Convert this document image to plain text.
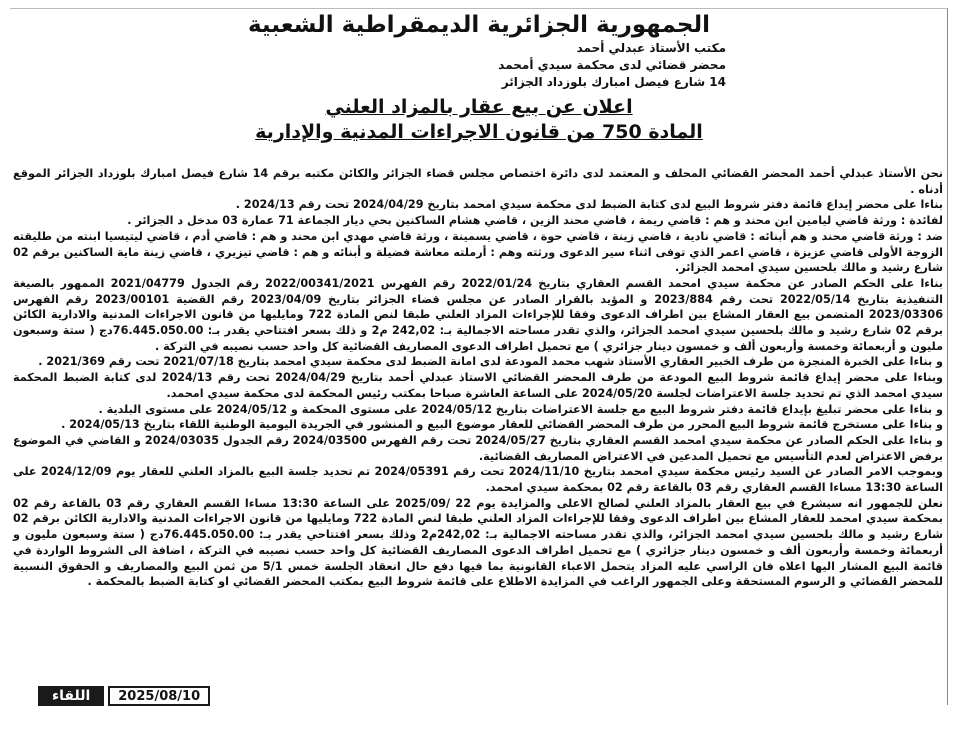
الجمهورية الجزائرية الديمقراطية الشعبية
مكتب الأستاذ عبدلي أحمد
محضر قضائي لدى محكمة سيدي أمحمد
14 شارع فيصل امبارك بلوزداد الجزائر
اعلان عن بيع عقار بالمزاد العلني
المادة 750 من قانون الاجراءات المدنية والإدارية

نحن الأستاذ عبدلي أحمد المحضر القضائي المحلف و المعتمد لدى دائرة اختصاص مجلس قضاء الجزائر والكائن مكتبه برقم 14 شارع فيصل امبارك بلوزداد الجزائر الموقع أدناه .

بناءا على محضر إيداع قائمة دفتر شروط البيع لدى كتابة الضبط لدى محكمة سيدي امحمد بتاريخ 2024/04/29 تحت رقم 2024/13 .

لفائدة : ورثة قاضي ليامين ابن محند و هم : قاضي ريمة ، قاضي محند الزين ، قاضي هشام الساكنين بحي ديار الجماعة 71 عمارة 03 مدخل د الجزائر .

ضد : ورثة قاضي محند و هم أبنائه : قاضي نادية ، قاضي زينة ، قاضي حوة ، قاضي يسمينة ، ورثة قاضي مهدي ابن محند و هم : قاضي أدم ، قاضي ليتيسيا ابنته من طليقته الزوجة الأولى قاضي عزيزة ، قاضي اعمر الذي توفى اثناء سير الدعوى ورثته وهم : أرملته معاشة فضيلة و أبنائه و هم : قاضي تيزيري ، قاضي زينة ماية الساكنين برقم 02 شارع رشيد و مالك بلحسين سيدي امحمد الجزائر.

بناءا على الحكم الصادر عن محكمة سيدي امحمد القسم العقاري بتاريخ 2022/01/24 رقم الفهرس 2022/00341/2021 رقم الجدول 2021/04779 الممهور بالصيغة التنفيذية بتاريخ 2022/05/14 تحت رقم 2023/884 و المؤيد بالقرار الصادر عن مجلس قضاء الجزائر بتاريخ 2023/04/09 رقم القضية 2023/00101 رقم الفهرس 2023/03306 المتضمن بيع العقار المشاع بين اطراف الدعوى وفقا للإجراءات المزاد العلني طبقا لنص المادة 722 ومايليها من قانون الاجراءات المدنية والادارية الكائن برقم 02 شارع رشيد و مالك بلحسين سيدي امحمد الجزائر، والذي تقدر مساحته الاجمالية بـ: 242,02 م2 و ذلك بسعر افتتاحي يقدر بـ: 76.445.050.00دج ( ستة وسبعون مليون و أربعمائة وخمسة وأربعون ألف و خمسون دينار جزائري ) مع تحميل اطراف الدعوى المصاريف القضائية كل واحد حسب نصيبه في التركة .

و بناءا على الخبرة المنجزة من طرف الخبير العقاري الأستاذ شهب محمد المودعة لدى امانة الضبط لدى محكمة سيدي امحمد بتاريخ 2021/07/18 تحت رقم 2021/369 .

وبناءا على محضر إيداع قائمة شروط البيع المودعة من طرف المحضر القضائي الاستاذ عبدلي أحمد بتاريخ 2024/04/29 تحت رقم 2024/13 لدى كتابة الضبط المحكمة سيدي امحمد الذي تم تحديد جلسة الاعتراضات لجلسة 2024/05/20 على الساعة العاشرة صباحا بمكتب رئيس المحكمة لدى محكمة سيدي امحمد.

و بناءا على محضر تبليغ بإيداع قائمة دفتر شروط البيع مع جلسة الاعتراضات بتاريخ 2024/05/12 على مستوى المحكمة و 2024/05/12 على مستوى البلدية .

و بناءا على مستخرج قائمة شروط البيع المحرر من طرف المحضر القضائي للعقار موضوع البيع و المنشور في الجريدة اليومية الوطنية اللقاء بتاريخ 2024/05/13 .

و بناءا على الحكم الصادر عن محكمة سيدي امحمد القسم العقاري بتاريخ 2024/05/27 تحت رقم الفهرس 2024/03500 رقم الجدول 2024/03035 و القاضي في الموضوع برفض الاعتراض لعدم التأسيس مع تحميل المدعين في الاعتراض المصاريف القضائية.

وبموجب الامر الصادر عن السيد رئيس محكمة سيدي امحمد بتاريخ 2024/11/10 تحت رقم 2024/05391 تم تحديد جلسة البيع بالمزاد العلني للعقار يوم 2024/12/09 على الساعة 13:30 مساءا القسم العقاري رقم 03 بالقاعة رقم 02 بمحكمة سيدي امحمد.

نعلن للجمهور انه سيشرع في بيع العقار بالمزاد العلني لصالح الاعلى والمزايدة يوم 22 /2025/09 على الساعة 13:30 مساءا القسم العقاري رقم 03 بالقاعة رقم 02 بمحكمة سيدي امحمد للعقار المشاع بين اطراف الدعوى وفقا للإجراءات المزاد العلني طبقا لنص المادة 722 ومايليها من قانون الاجراءات المدنية والادارية الكائن برقم 02 شارع رشيد و مالك بلحسين سيدي امحمد الجزائر، والذي تقدر مساحته الاجمالية بـ: 242,02م2 وذلك بسعر افتتاحي يقدر بـ: 76.445.050.00دج ( ستة وسبعون مليون و أربعمائة وخمسة وأربعون ألف و خمسون دينار جزائري ) مع تحميل اطراف الدعوى المصاريف القضائية كل واحد حسب نصيبه في التركة ، اضافة الى الشروط الواردة في قائمة البيع المشار اليها اعلاه فان الراسي عليه المزاد يتحمل الاعباء القانونية بما فيها دفع حال انعقاد الجلسة خمس 5/1 من ثمن البيع والمصاريف و الحقوق النسبية للمحضر القضائي و الرسوم المستحقة وعلى الجمهور الراغب في المزايدة الاطلاع على قائمة شروط البيع بمكتب المحضر القضائي او كتابة الضبط بالمحكمة .

اللقاء	2025/08/10
